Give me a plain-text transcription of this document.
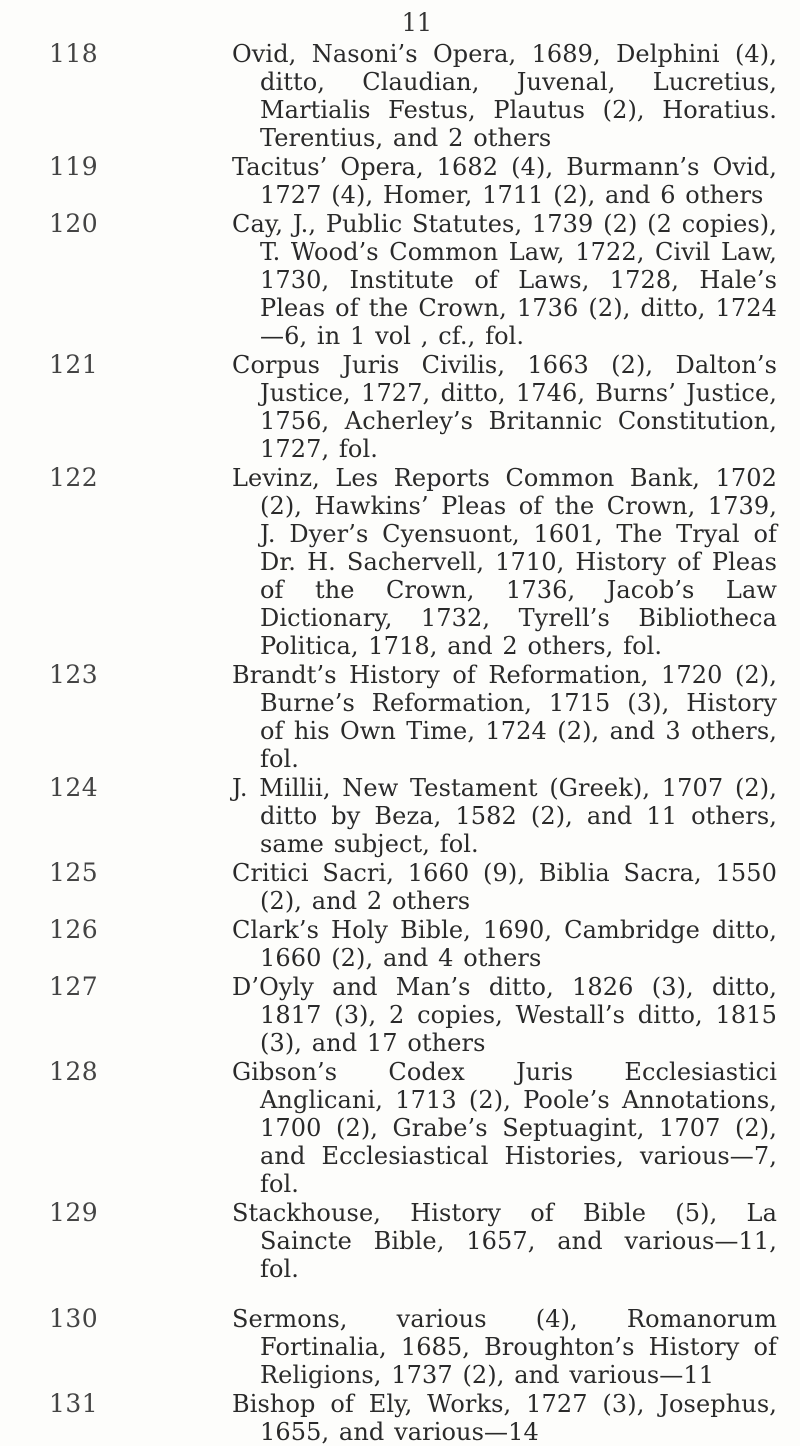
11
118	Ovid, Nasoni’s Opera, 1689, Delphini (4), ditto, Claudian, Juvenal, Lucretius, Martialis Festus, Plautus (2), Horatius. Terentius, and 2 others
119	Tacitus’ Opera, 1682 (4), Burmann’s Ovid, 1727 (4), Homer, 1711 (2), and 6 others
120	Cay, J., Public Statutes, 1739 (2) (2 copies), T. Wood’s Common Law, 1722, Civil Law, 1730, Institute of Laws, 1728, Hale’s Pleas of the Crown, 1736 (2), ditto, 1724—6, in 1 vol , cf., fol.
121	Corpus Juris Civilis, 1663 (2), Dalton’s Justice, 1727, ditto, 1746, Burns’ Justice, 1756, Acherley’s Britannic Constitution, 1727, fol.
122	Levinz, Les Reports Common Bank, 1702 (2), Hawkins’ Pleas of the Crown, 1739, J. Dyer’s Cyensuont, 1601, The Tryal of Dr. H. Sachervell, 1710, History of Pleas of the Crown, 1736, Jacob’s Law Dictionary, 1732, Tyrell’s Bibliotheca Politica, 1718, and 2 others, fol.
123	Brandt’s History of Reformation, 1720 (2), Burne’s Reformation, 1715 (3), History of his Own Time, 1724 (2), and 3 others, fol.
124	J. Millii, New Testament (Greek), 1707 (2), ditto by Beza, 1582 (2), and 11 others, same subject, fol.
125	Critici Sacri, 1660 (9), Biblia Sacra, 1550 (2), and 2 others
126	Clark’s Holy Bible, 1690, Cambridge ditto, 1660 (2), and 4 others
127	D’Oyly and Man’s ditto, 1826 (3), ditto, 1817 (3), 2 copies, Westall’s ditto, 1815 (3), and 17 others
128	Gibson’s Codex Juris Ecclesiastici Anglicani, 1713 (2), Poole’s Annotations, 1700 (2), Grabe’s Septuagint, 1707 (2), and Ecclesiastical Histories, various—7, fol.
129	Stackhouse, History of Bible (5), La Saincte Bible, 1657, and various—11, fol.
130	Sermons, various (4), Romanorum Fortinalia, 1685, Broughton’s History of Religions, 1737 (2), and various—11
131	Bishop of Ely, Works, 1727 (3), Josephus, 1655, and various—14
